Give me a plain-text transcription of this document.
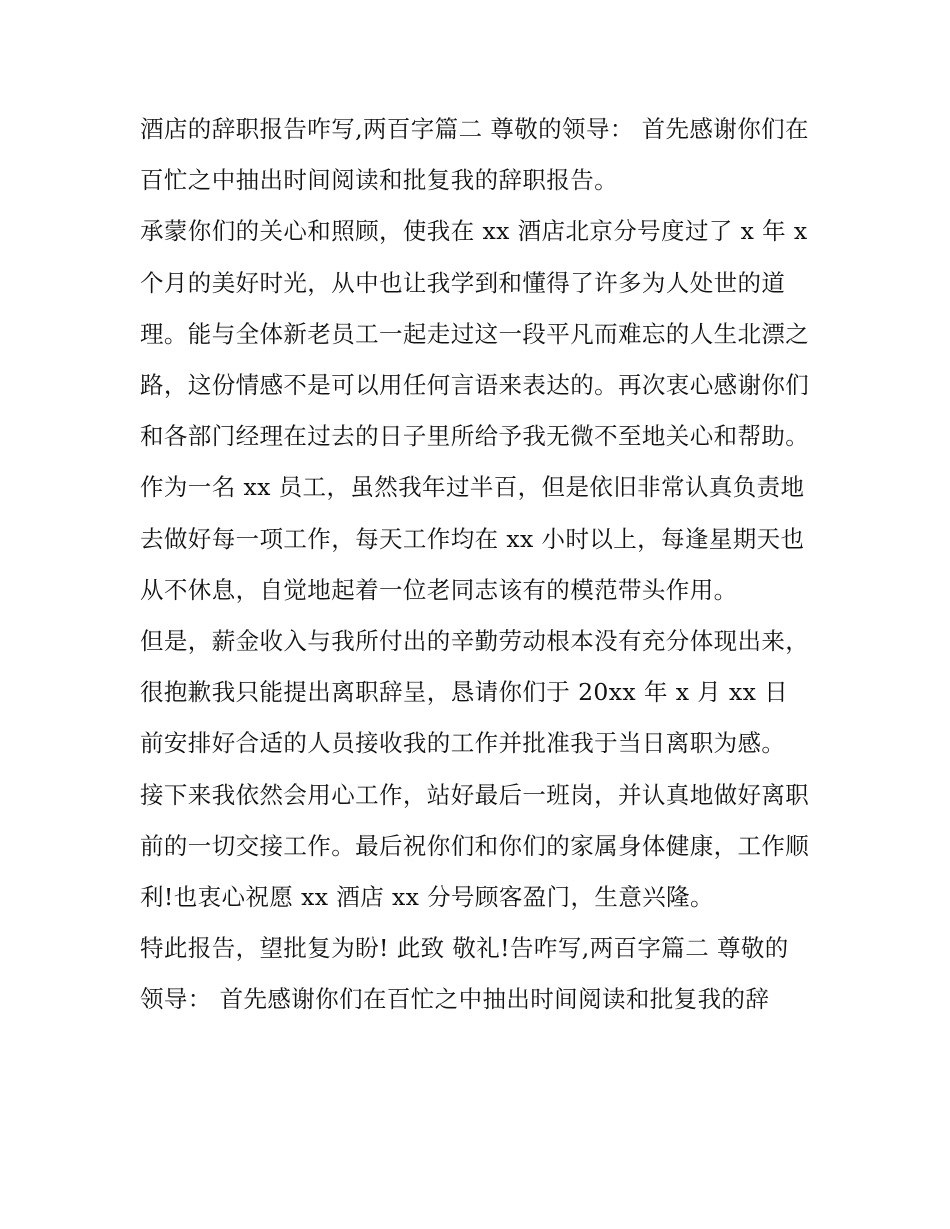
酒店的辞职报告咋写,两百字篇二 尊敬的领导： 首先感谢你们在百忙之中抽出时间阅读和批复我的辞职报告。

承蒙你们的关心和照顾，使我在 xx 酒店北京分号度过了 x 年 x 个月的美好时光，从中也让我学到和懂得了许多为人处世的道理。能与全体新老员工一起走过这一段平凡而难忘的人生北漂之路，这份情感不是可以用任何言语来表达的。再次衷心感谢你们和各部门经理在过去的日子里所给予我无微不至地关心和帮助。

作为一名 xx 员工，虽然我年过半百，但是依旧非常认真负责地去做好每一项工作，每天工作均在 xx 小时以上，每逢星期天也从不休息，自觉地起着一位老同志该有的模范带头作用。

但是，薪金收入与我所付出的辛勤劳动根本没有充分体现出来，很抱歉我只能提出离职辞呈，恳请你们于 20xx 年 x 月 xx 日前安排好合适的人员接收我的工作并批准我于当日离职为感。

接下来我依然会用心工作，站好最后一班岗，并认真地做好离职前的一切交接工作。最后祝你们和你们的家属身体健康，工作顺利!也衷心祝愿 xx 酒店 xx 分号顾客盈门，生意兴隆。

特此报告，望批复为盼! 此致 敬礼!告咋写,两百字篇二 尊敬的领导： 首先感谢你们在百忙之中抽出时间阅读和批复我的辞
